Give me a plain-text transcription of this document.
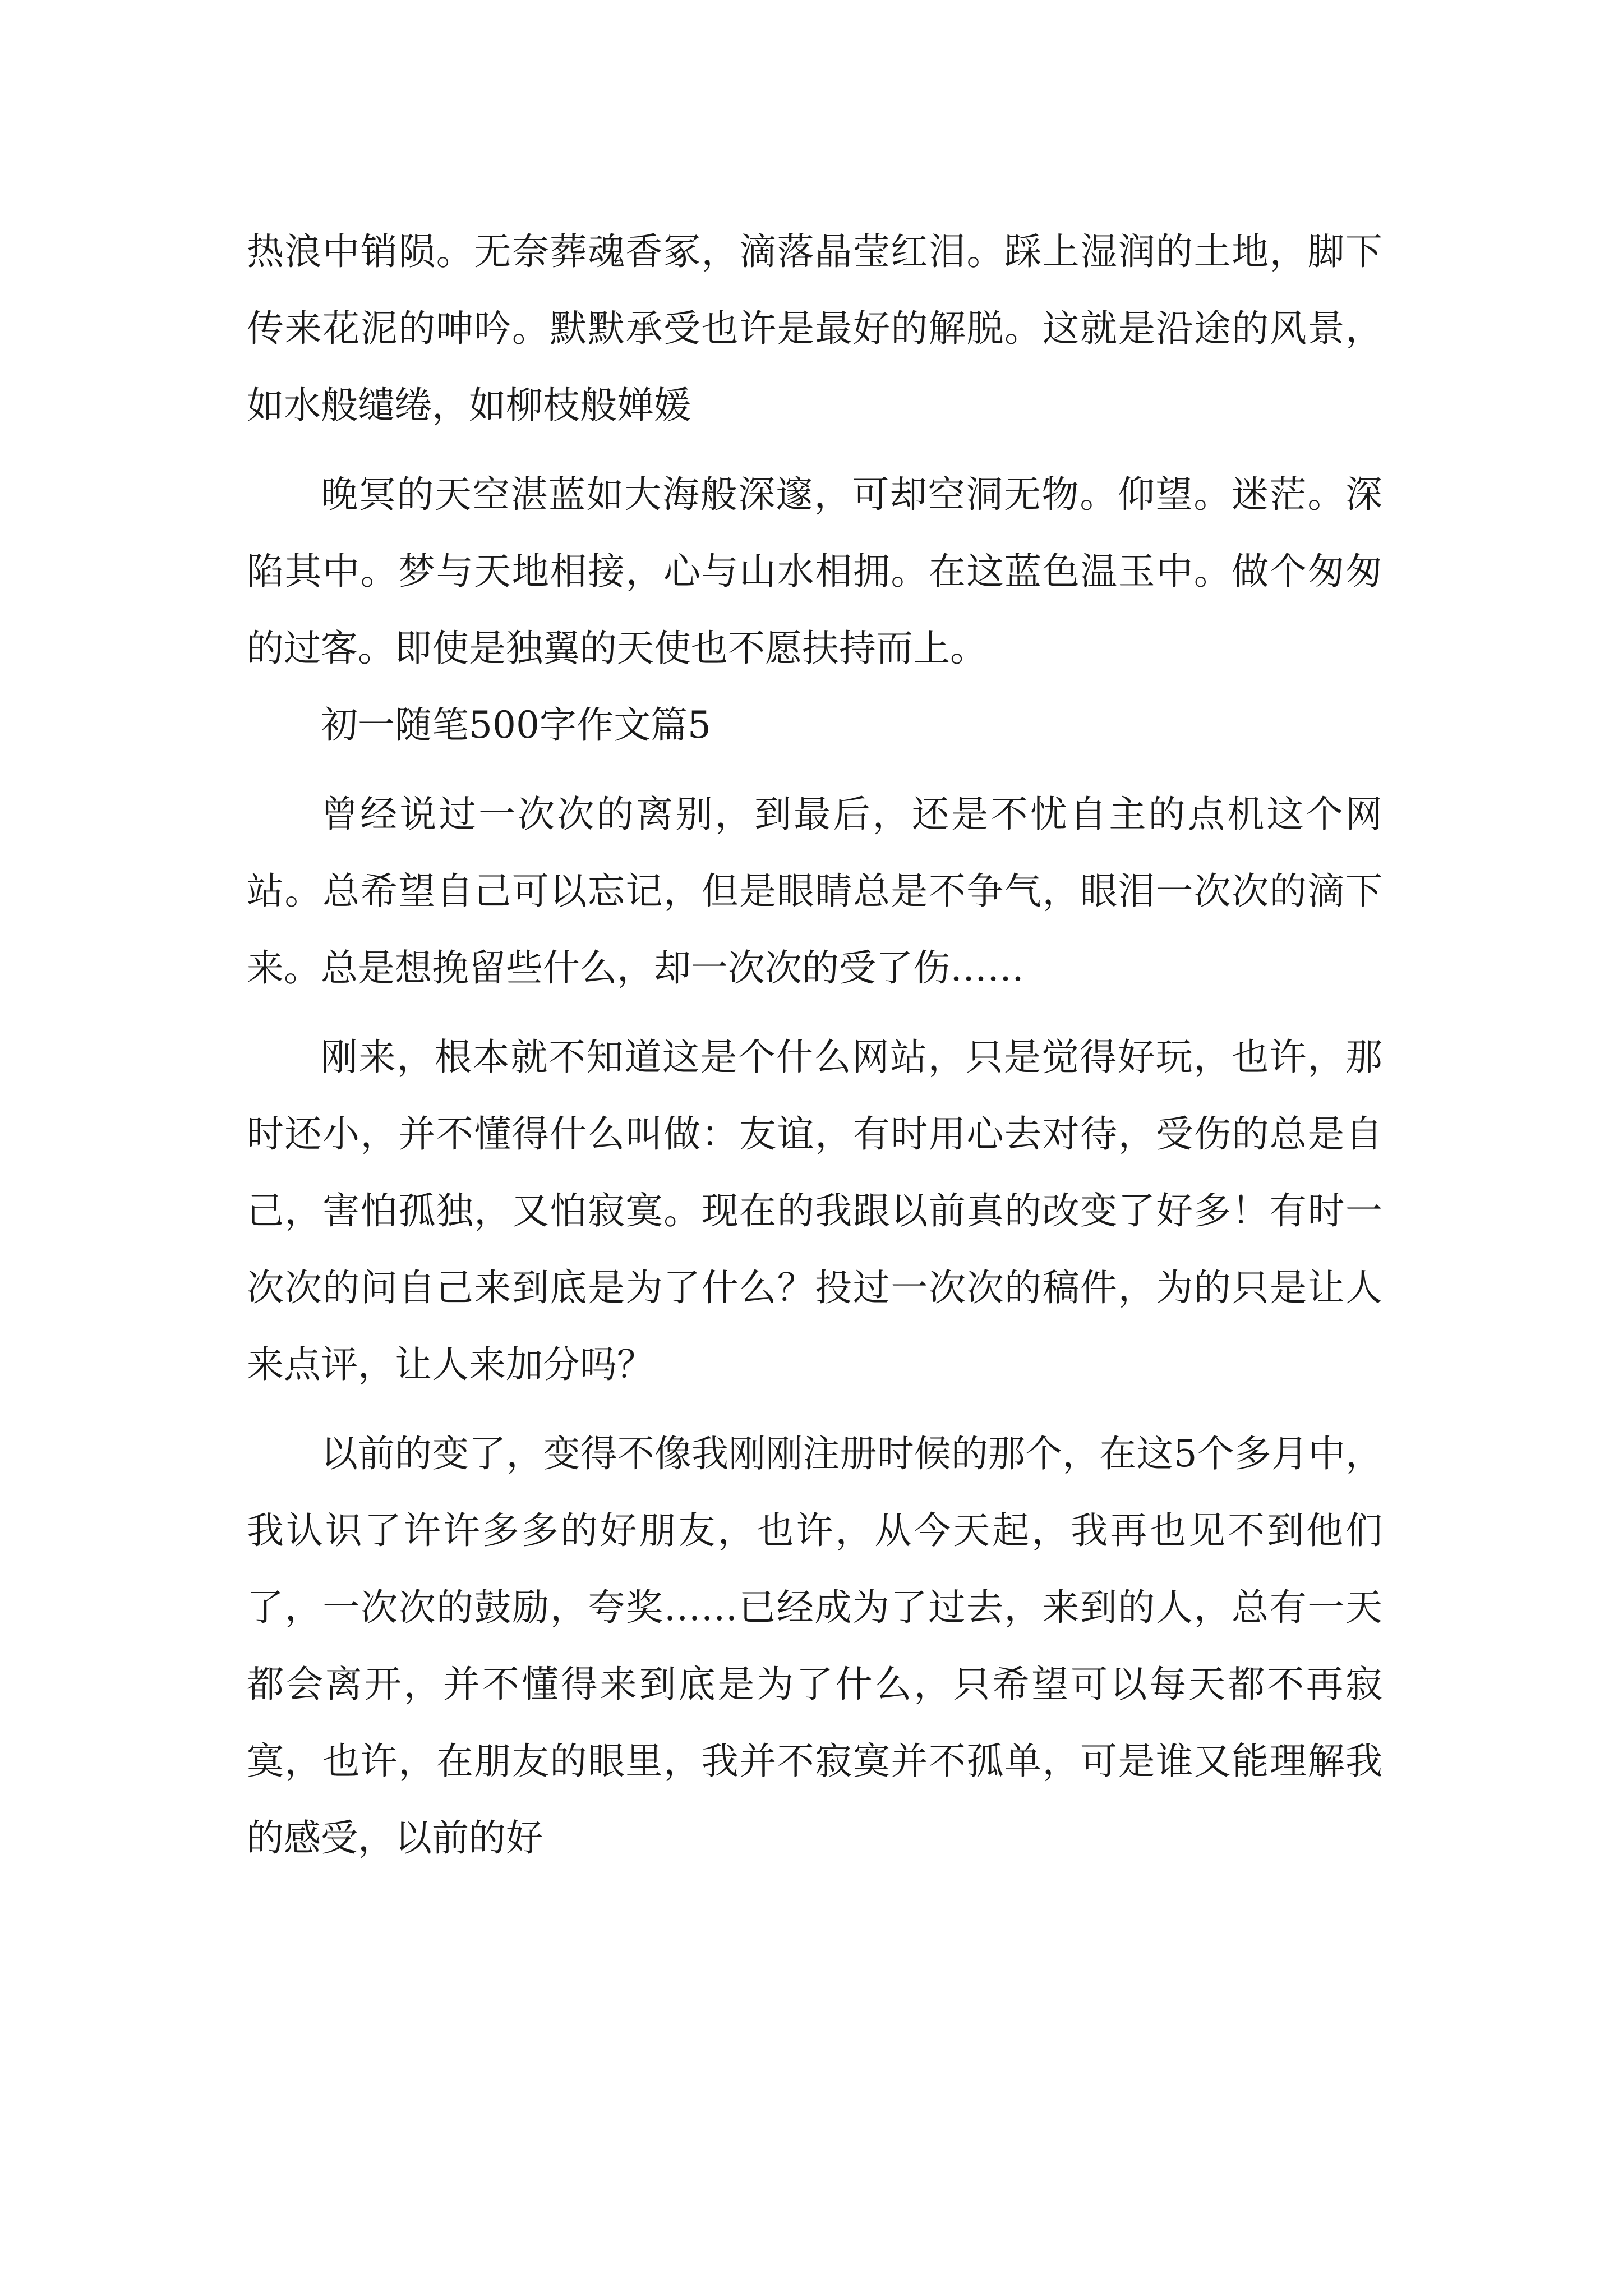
热浪中销陨。无奈葬魂香冢，滴落晶莹红泪。踩上湿润的土地，脚下传来花泥的呻吟。默默承受也许是最好的解脱。这就是沿途的风景，如水般缱绻，如柳枝般婵媛

晚冥的天空湛蓝如大海般深邃，可却空洞无物。仰望。迷茫。深陷其中。梦与天地相接，心与山水相拥。在这蓝色温玉中。做个匆匆的过客。即使是独翼的天使也不愿扶持而上。

初一随笔500字作文篇5

曾经说过一次次的离别，到最后，还是不忧自主的点机这个网站。总希望自己可以忘记，但是眼睛总是不争气，眼泪一次次的滴下来。总是想挽留些什么，却一次次的受了伤……

刚来，根本就不知道这是个什么网站，只是觉得好玩，也许，那时还小，并不懂得什么叫做：友谊，有时用心去对待，受伤的总是自己，害怕孤独，又怕寂寞。现在的我跟以前真的改变了好多！有时一次次的问自己来到底是为了什么？投过一次次的稿件，为的只是让人来点评，让人来加分吗？

以前的变了，变得不像我刚刚注册时候的那个，在这5个多月中，我认识了许许多多的好朋友，也许，从今天起，我再也见不到他们了，一次次的鼓励，夸奖……已经成为了过去，来到的人，总有一天都会离开，并不懂得来到底是为了什么，只希望可以每天都不再寂寞，也许，在朋友的眼里，我并不寂寞并不孤单，可是谁又能理解我的感受，以前的好
